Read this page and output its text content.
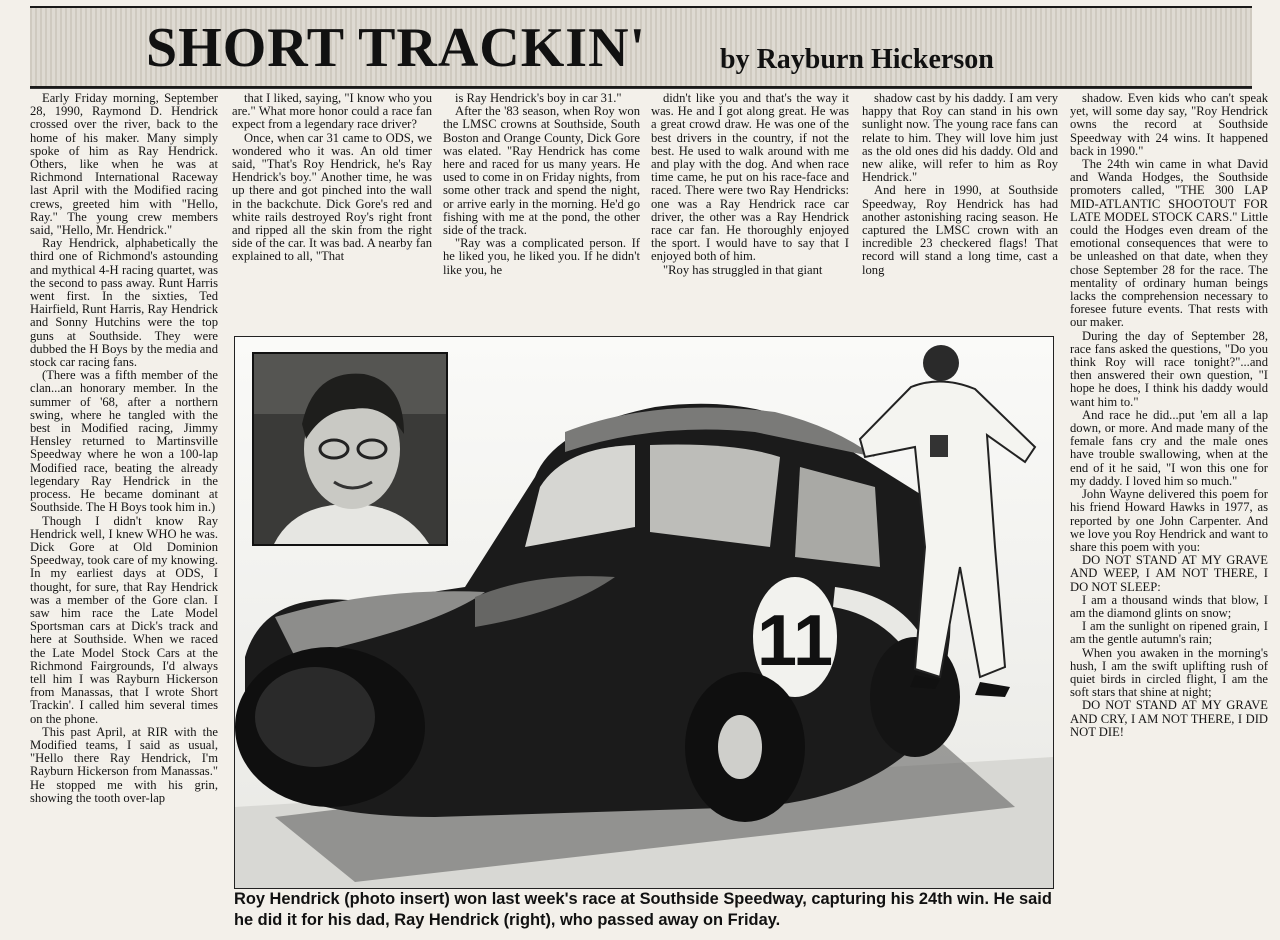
SHORT TRACKIN'	by Rayburn Hickerson

Early Friday morning, September 28, 1990, Raymond D. Hendrick crossed over the river, back to the home of his maker. Many simply spoke of him as Ray Hendrick. Others, like when he was at Richmond International Raceway last April with the Modified racing crews, greeted him with "Hello, Ray." The young crew members said, "Hello, Mr. Hendrick."

Ray Hendrick, alphabetically the third one of Richmond's astounding and mythical 4-H racing quartet, was the second to pass away. Runt Harris went first. In the sixties, Ted Hairfield, Runt Harris, Ray Hendrick and Sonny Hutchins were the top guns at Southside. They were dubbed the H Boys by the media and stock car racing fans.

(There was a fifth member of the clan...an honorary member. In the summer of '68, after a northern swing, where he tangled with the best in Modified racing, Jimmy Hensley returned to Martinsville Speedway where he won a 100-lap Modified race, beating the already legendary Ray Hendrick in the process. He became dominant at Southside. The H Boys took him in.)

Though I didn't know Ray Hendrick well, I knew WHO he was. Dick Gore at Old Dominion Speedway, took care of my knowing. In my earliest days at ODS, I thought, for sure, that Ray Hendrick was a member of the Gore clan. I saw him race the Late Model Sportsman cars at Dick's track and here at Southside. When we raced the Late Model Stock Cars at the Richmond Fairgrounds, I'd always tell him I was Rayburn Hickerson from Manassas, that I wrote Short Trackin'. I called him several times on the phone.

This past April, at RIR with the Modified teams, I said as usual, "Hello there Ray Hendrick, I'm Rayburn Hickerson from Manassas." He stopped me with his grin, showing the tooth over-lap

that I liked, saying, "I know who you are." What more honor could a race fan expect from a legendary race driver?

Once, when car 31 came to ODS, we wondered who it was. An old timer said, "That's Roy Hendrick, he's Ray Hendrick's boy." Another time, he was up there and got pinched into the wall in the backchute. Dick Gore's red and white rails destroyed Roy's right front and ripped all the skin from the right side of the car. It was bad. A nearby fan explained to all, "That

is Ray Hendrick's boy in car 31."

After the '83 season, when Roy won the LMSC crowns at Southside, South Boston and Orange County, Dick Gore was elated. "Ray Hendrick has come here and raced for us many years. He used to come in on Friday nights, from some other track and spend the night, or arrive early in the morning. He'd go fishing with me at the pond, the other side of the track.

"Ray was a complicated person. If he liked you, he liked you. If he didn't like you, he

didn't like you and that's the way it was. He and I got along great. He was a great crowd draw. He was one of the best drivers in the country, if not the best. He used to walk around with me and play with the dog. And when race time came, he put on his race-face and raced. There were two Ray Hendricks: one was a Ray Hendrick race car driver, the other was a Ray Hendrick race car fan. He thoroughly enjoyed the sport. I would have to say that I enjoyed both of him.

"Roy has struggled in that giant

shadow cast by his daddy. I am very happy that Roy can stand in his own sunlight now. The young race fans can relate to him. They will love him just as the old ones did his daddy. Old and new alike, will refer to him as Roy Hendrick."

And here in 1990, at Southside Speedway, Roy Hendrick has had another astonishing racing season. He captured the LMSC crown with an incredible 23 checkered flags! That record will stand a long time, cast a long

shadow. Even kids who can't speak yet, will some day say, "Roy Hendrick owns the record at Southside Speedway with 24 wins. It happened back in 1990."

The 24th win came in what David and Wanda Hodges, the Southside promoters called, "THE 300 LAP MID-ATLANTIC SHOOTOUT FOR LATE MODEL STOCK CARS." Little could the Hodges even dream of the emotional consequences that were to be unleashed on that date, when they chose September 28 for the race. The mentality of ordinary human beings lacks the comprehension necessary to foresee future events. That rests with our maker.

During the day of September 28, race fans asked the questions, "Do you think Roy will race tonight?"...and then answered their own question, "I hope he does, I think his daddy would want him to."

And race he did...put 'em all a lap down, or more. And made many of the female fans cry and the male ones have trouble swallowing, when at the end of it he said, "I won this one for my daddy. I loved him so much."

John Wayne delivered this poem for his friend Howard Hawks in 1977, as reported by one John Carpenter. And we love you Roy Hendrick and want to share this poem with you:

DO NOT STAND AT MY GRAVE AND WEEP, I AM NOT THERE, I DO NOT SLEEP:

I am a thousand winds that blow, I am the diamond glints on snow;

I am the sunlight on ripened grain, I am the gentle autumn's rain;

When you awaken in the morning's hush, I am the swift uplifting rush of quiet birds in circled flight, I am the soft stars that shine at night;

DO NOT STAND AT MY GRAVE AND CRY, I AM NOT THERE, I DID NOT DIE!

11
Roy Hendrick (photo insert) won last week's race at Southside Speedway, capturing his 24th win. He said he did it for his dad, Ray Hendrick (right), who passed away on Friday.
